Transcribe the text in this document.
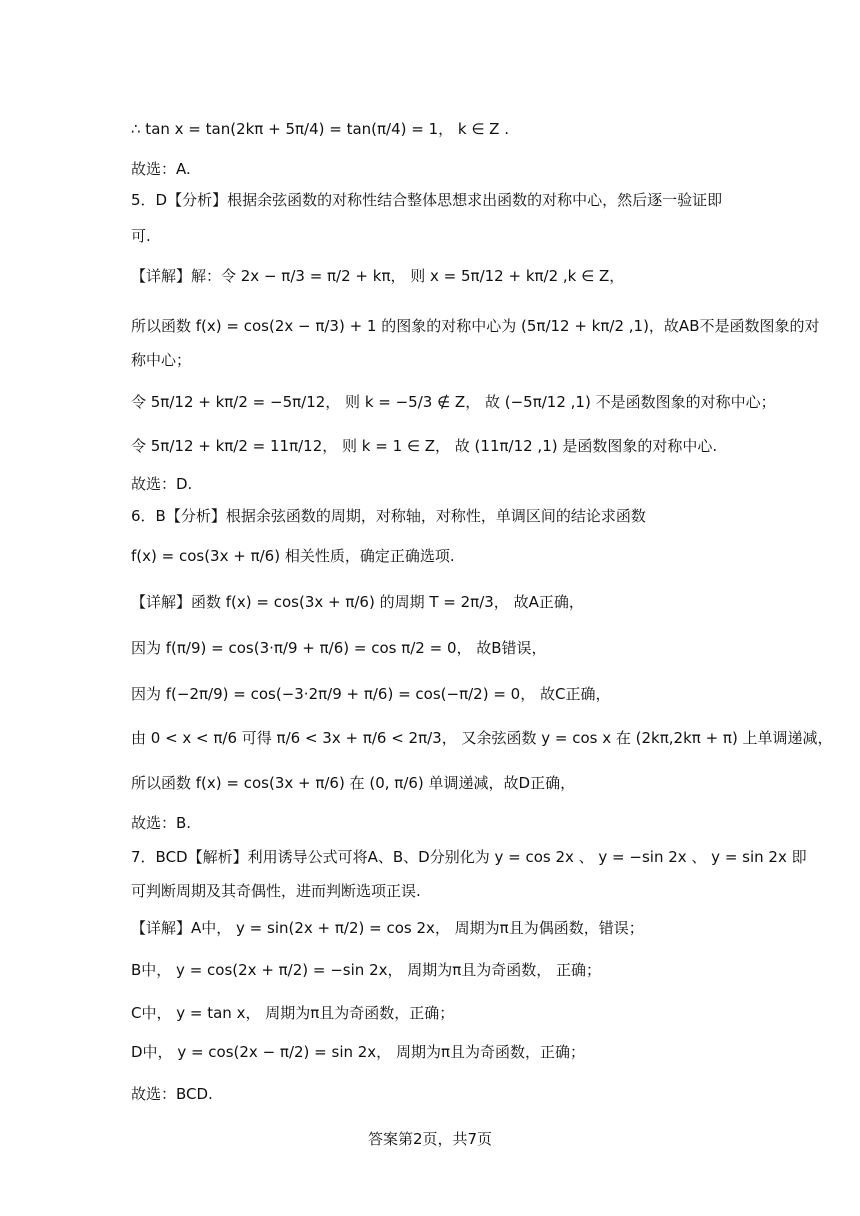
∴ tan x = tan(2kπ + 5π/4) = tan(π/4) = 1， k ∈ Z .
故选：A.
5．D【分析】根据余弦函数的对称性结合整体思想求出函数的对称中心，然后逐一验证即
可.
【详解】解：令 2x − π/3 = π/2 + kπ， 则 x = 5π/12 + kπ/2 ,k ∈ Z，
所以函数 f(x) = cos(2x − π/3) + 1 的图象的对称中心为 (5π/12 + kπ/2 ,1)，故AB不是函数图象的对
称中心；
令 5π/12 + kπ/2 = −5π/12， 则 k = −5/3 ∉ Z， 故 (−5π/12 ,1) 不是函数图象的对称中心；
令 5π/12 + kπ/2 = 11π/12， 则 k = 1 ∈ Z， 故 (11π/12 ,1) 是函数图象的对称中心.
故选：D.
6．B【分析】根据余弦函数的周期，对称轴，对称性，单调区间的结论求函数
f(x) = cos(3x + π/6) 相关性质，确定正确选项.
【详解】函数 f(x) = cos(3x + π/6) 的周期 T = 2π/3， 故A正确，
因为 f(π/9) = cos(3·π/9 + π/6) = cos π/2 = 0， 故B错误，
因为 f(−2π/9) = cos(−3·2π/9 + π/6) = cos(−π/2) = 0， 故C正确，
由 0 < x < π/6 可得 π/6 < 3x + π/6 < 2π/3， 又余弦函数 y = cos x 在 (2kπ,2kπ + π) 上单调递减，
所以函数 f(x) = cos(3x + π/6) 在 (0, π/6) 单调递减，故D正确，
故选：B.
7．BCD【解析】利用诱导公式可将A、B、D分别化为 y = cos 2x 、 y = −sin 2x 、 y = sin 2x 即
可判断周期及其奇偶性，进而判断选项正误.
【详解】A中， y = sin(2x + π/2) = cos 2x， 周期为π且为偶函数，错误；
B中， y = cos(2x + π/2) = −sin 2x， 周期为π且为奇函数， 正确；
C中， y = tan x， 周期为π且为奇函数，正确；
D中， y = cos(2x − π/2) = sin 2x， 周期为π且为奇函数，正确；
故选：BCD.
答案第2页，共7页
